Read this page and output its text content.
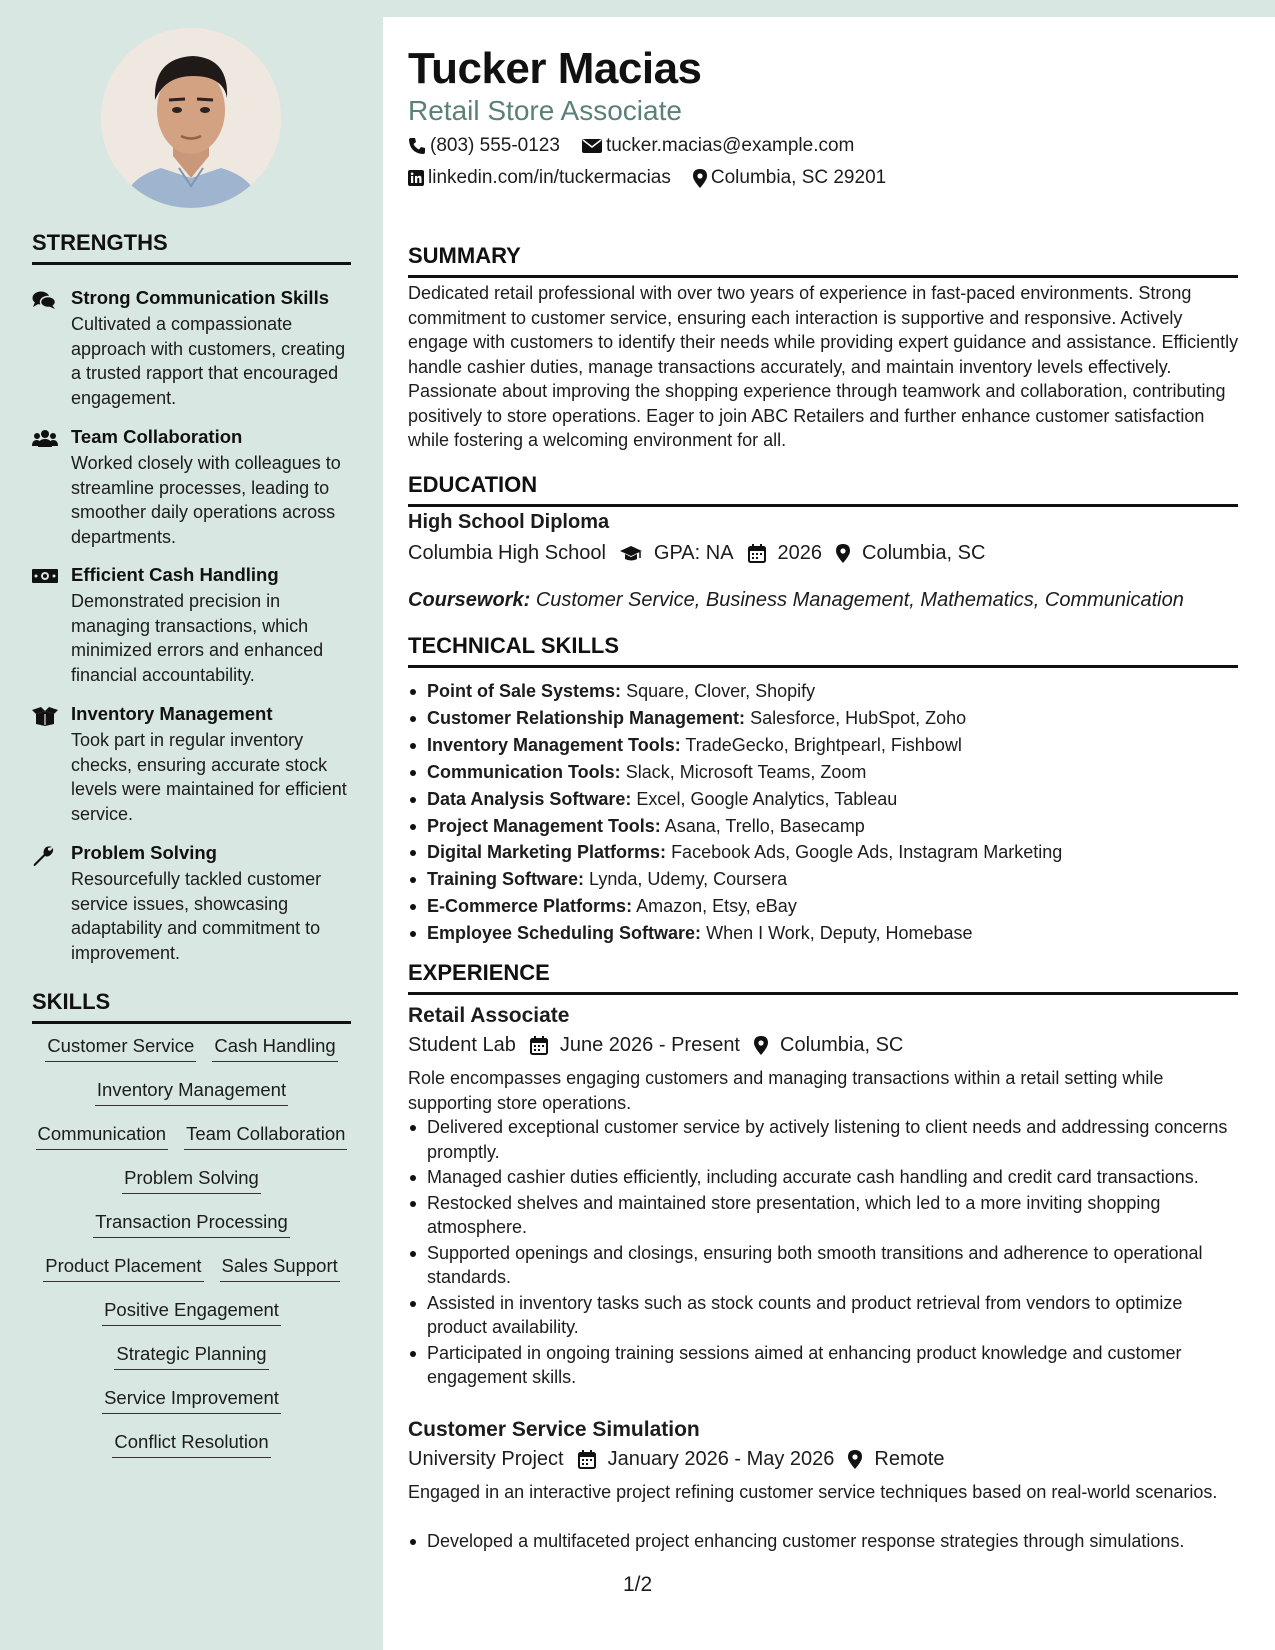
STRENGTHS
Strong Communication Skills
Cultivated a compassionate approach with customers, creating a trusted rapport that encouraged engagement.
Team Collaboration
Worked closely with colleagues to streamline processes, leading to smoother daily operations across departments.
Efficient Cash Handling
Demonstrated precision in managing transactions, which minimized errors and enhanced financial accountability.
Inventory Management
Took part in regular inventory checks, ensuring accurate stock levels were maintained for efficient service.
Problem Solving
Resourcefully tackled customer service issues, showcasing adaptability and commitment to improvement.
SKILLS
Customer Service Cash Handling
Inventory Management
Communication Team Collaboration
Problem Solving
Transaction Processing
Product Placement Sales Support
Positive Engagement
Strategic Planning
Service Improvement
Conflict Resolution
Tucker Macias
Retail Store Associate
(803) 555-0123 tucker.macias@example.com
linkedin.com/in/tuckermacias Columbia, SC 29201
SUMMARY

Dedicated retail professional with over two years of experience in fast-paced environments. Strong commitment to customer service, ensuring each interaction is supportive and responsive. Actively engage with customers to identify their needs while providing expert guidance and assistance. Efficiently handle cashier duties, manage transactions accurately, and maintain inventory levels effectively. Passionate about improving the shopping experience through teamwork and collaboration, contributing positively to store operations. Eager to join ABC Retailers and further enhance customer satisfaction while fostering a welcoming environment for all.

EDUCATION
High School Diploma
Columbia High School GPA: NA 2026 Columbia, SC
Coursework: Customer Service, Business Management, Mathematics, Communication
TECHNICAL SKILLS
Point of Sale Systems: Square, Clover, Shopify
Customer Relationship Management: Salesforce, HubSpot, Zoho
Inventory Management Tools: TradeGecko, Brightpearl, Fishbowl
Communication Tools: Slack, Microsoft Teams, Zoom
Data Analysis Software: Excel, Google Analytics, Tableau
Project Management Tools: Asana, Trello, Basecamp
Digital Marketing Platforms: Facebook Ads, Google Ads, Instagram Marketing
Training Software: Lynda, Udemy, Coursera
E-Commerce Platforms: Amazon, Etsy, eBay
Employee Scheduling Software: When I Work, Deputy, Homebase
EXPERIENCE
Retail Associate
Student Lab June 2026 - Present Columbia, SC

Role encompasses engaging customers and managing transactions within a retail setting while supporting store operations.

Delivered exceptional customer service by actively listening to client needs and addressing concerns promptly.
Managed cashier duties efficiently, including accurate cash handling and credit card transactions.
Restocked shelves and maintained store presentation, which led to a more inviting shopping atmosphere.
Supported openings and closings, ensuring both smooth transitions and adherence to operational standards.
Assisted in inventory tasks such as stock counts and product retrieval from vendors to optimize product availability.
Participated in ongoing training sessions aimed at enhancing product knowledge and customer engagement skills.
Customer Service Simulation
University Project January 2026 - May 2026 Remote

Engaged in an interactive project refining customer service techniques based on real-world scenarios.

Developed a multifaceted project enhancing customer response strategies through simulations.
1/2
